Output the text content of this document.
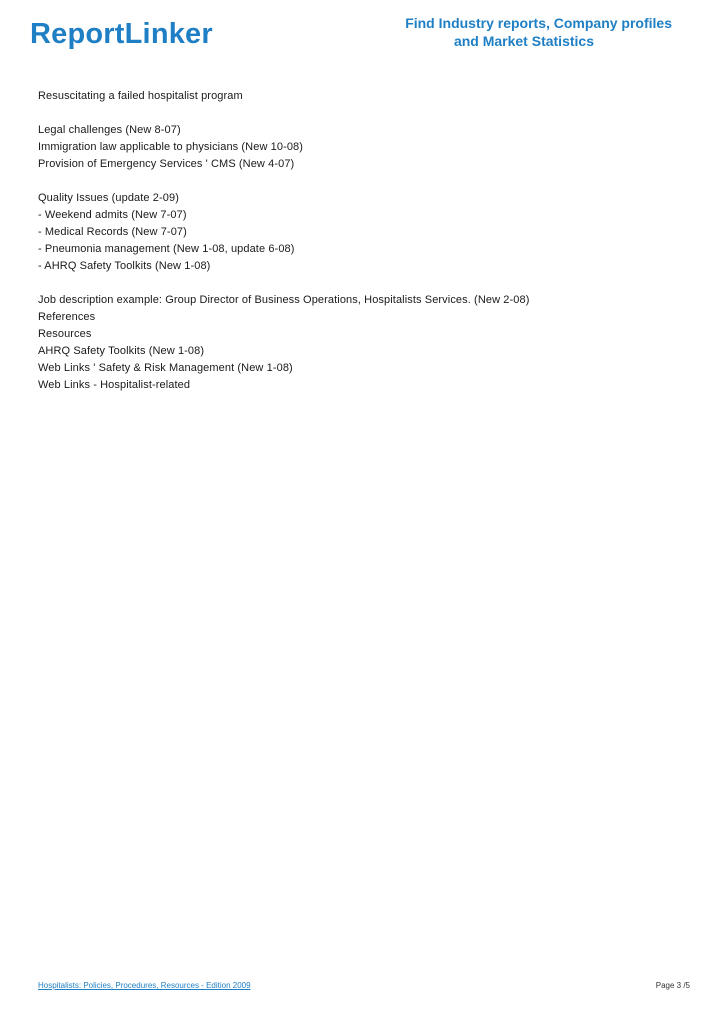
ReportLinker	Find Industry reports, Company profiles
and Market Statistics
Resuscitating a failed hospitalist program
Legal challenges (New 8-07)
Immigration law applicable to physicians (New 10-08)
Provision of Emergency Services ' CMS (New 4-07)
Quality Issues (update 2-09)
- Weekend admits (New 7-07)
- Medical Records (New 7-07)
- Pneumonia management (New 1-08, update 6-08)
- AHRQ Safety Toolkits (New 1-08)
Job description example: Group Director of Business Operations, Hospitalists Services. (New 2-08)
References
Resources
AHRQ Safety Toolkits (New 1-08)
Web Links ' Safety & Risk Management (New 1-08)
Web Links - Hospitalist-related
Hospitalists: Policies, Procedures, Resources - Edition 2009	Page 3 /5
